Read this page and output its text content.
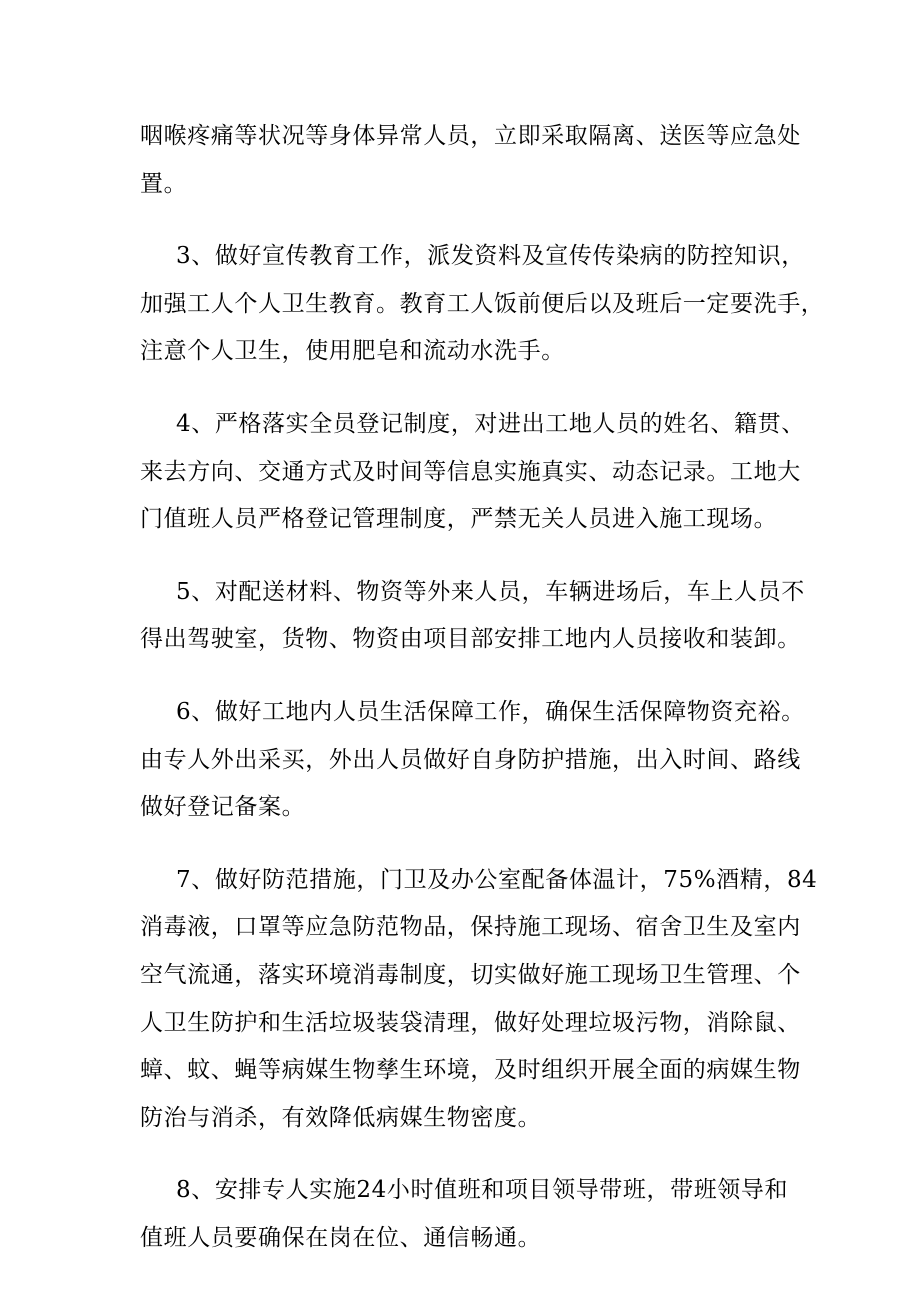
咽喉疼痛等状况等身体异常人员，立即采取隔离、送医等应急处
置。

3、做好宣传教育工作，派发资料及宣传传染病的防控知识，
加强工人个人卫生教育。教育工人饭前便后以及班后一定要洗手，
注意个人卫生，使用肥皂和流动水洗手。

4、严格落实全员登记制度，对进出工地人员的姓名、籍贯、
来去方向、交通方式及时间等信息实施真实、动态记录。工地大
门值班人员严格登记管理制度，严禁无关人员进入施工现场。

5、对配送材料、物资等外来人员，车辆进场后，车上人员不
得出驾驶室，货物、物资由项目部安排工地内人员接收和装卸。

6、做好工地内人员生活保障工作，确保生活保障物资充裕。
由专人外出采买，外出人员做好自身防护措施，出入时间、路线
做好登记备案。

7、做好防范措施，门卫及办公室配备体温计，75%酒精，84
消毒液，口罩等应急防范物品，保持施工现场、宿舍卫生及室内
空气流通，落实环境消毒制度，切实做好施工现场卫生管理、个
人卫生防护和生活垃圾装袋清理，做好处理垃圾污物，消除鼠、
蟑、蚊、蝇等病媒生物孳生环境，及时组织开展全面的病媒生物
防治与消杀，有效降低病媒生物密度。

8、安排专人实施24小时值班和项目领导带班，带班领导和
值班人员要确保在岗在位、通信畅通。
